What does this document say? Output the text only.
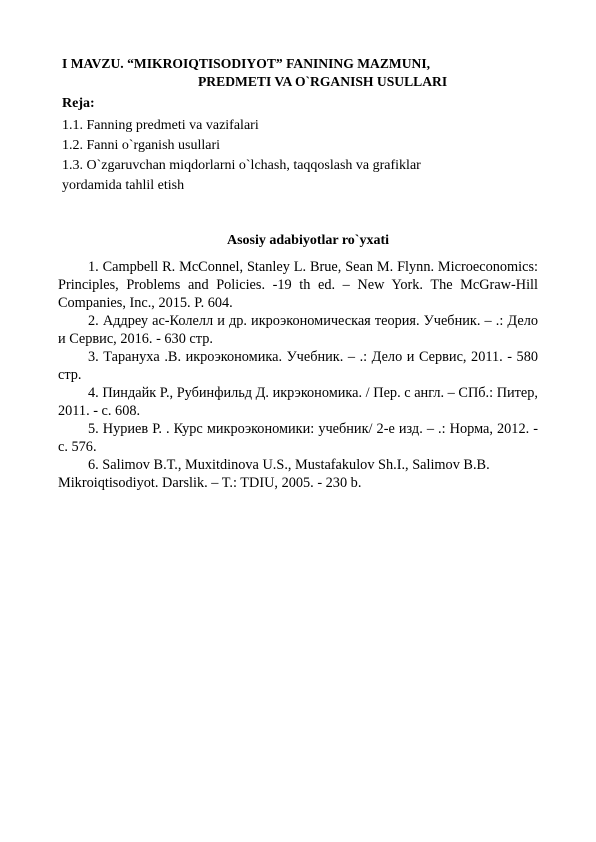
I MAVZU. “MIKROIQTISODIYOT” FANINING MAZMUNI,
PREDMETI VA O`RGANISH USULLARI
Reja:
1.1. Fanning predmeti va vazifalari
1.2. Fanni o`rganish usullari
1.3. O`zgaruvchan miqdorlarni o`lchash, taqqoslash va grafiklar
yordamida tahlil etish
Asosiy adabiyotlar ro`yxati

1. Campbell R. McConnel, Stanley L. Brue, Sean M. Flynn. Microeconomics: Principles, Problems and Policies. -19 th ed. – New York. The McGraw-Hill Companies, Inc., 2015. P. 604.

2. Аддреу ас-Колелл и др. икроэкономическая теория. Учебник. – .: Дело и Сервис, 2016. - 630 стр.

3. Таранухa .В. икроэкономика. Учебник. – .: Дело и Сервис, 2011. - 580 стр.

4. Пиндайк Р., Рубинфильд Д. икрэкономика. / Пер. с англ. – СПб.: Питер, 2011. - с. 608.

5. Нуриев Р. . Курс микроэкономики: учебник/ 2-е изд. – .: Норма, 2012. - с. 576.

6. Salimov B.T., Muxitdinova U.S., Mustafakulov Sh.I., Salimov B.B. Mikroiqtisodiyot. Darslik. – T.: TDIU, 2005. - 230 b.
